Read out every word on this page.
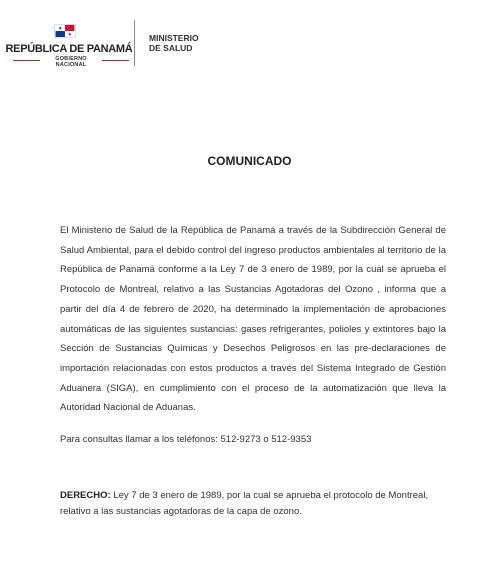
REPÚBLICA DE PANAMÁ
GOBIERNO NACIONAL
MINISTERIO
DE SALUD
COMUNICADO
El Ministerio de Salud de la República de Panamá a través de la Subdirección General de Salud Ambiental, para el debido control del ingreso productos ambientales al territorio de la República de Panamá conforme a la Ley 7 de 3 enero de 1989, por la cual se aprueba el Protocolo de Montreal, relativo a las Sustancias Agotadoras del Ozono , informa que a partir del día 4 de febrero de 2020, ha determinado la implementación de aprobaciones automáticas de las siguientes sustancias: gases refrigerantes, polioles y extintores bajo la Sección de Sustancias Químicas y Desechos Peligrosos en las pre-declaraciones de importación relacionadas con estos productos a través del Sistema Integrado de Gestión Aduanera (SIGA), en cumplimiento con el proceso de la automatización que lleva la Autoridad Nacional de Aduanas.
Para consultas llamar a los teléfonos: 512-9273 o 512-9353
DERECHO: Ley 7 de 3 enero de 1989, por la cual se aprueba el protocolo de Montreal, relativo a las sustancias agotadoras de la capa de ozono.
